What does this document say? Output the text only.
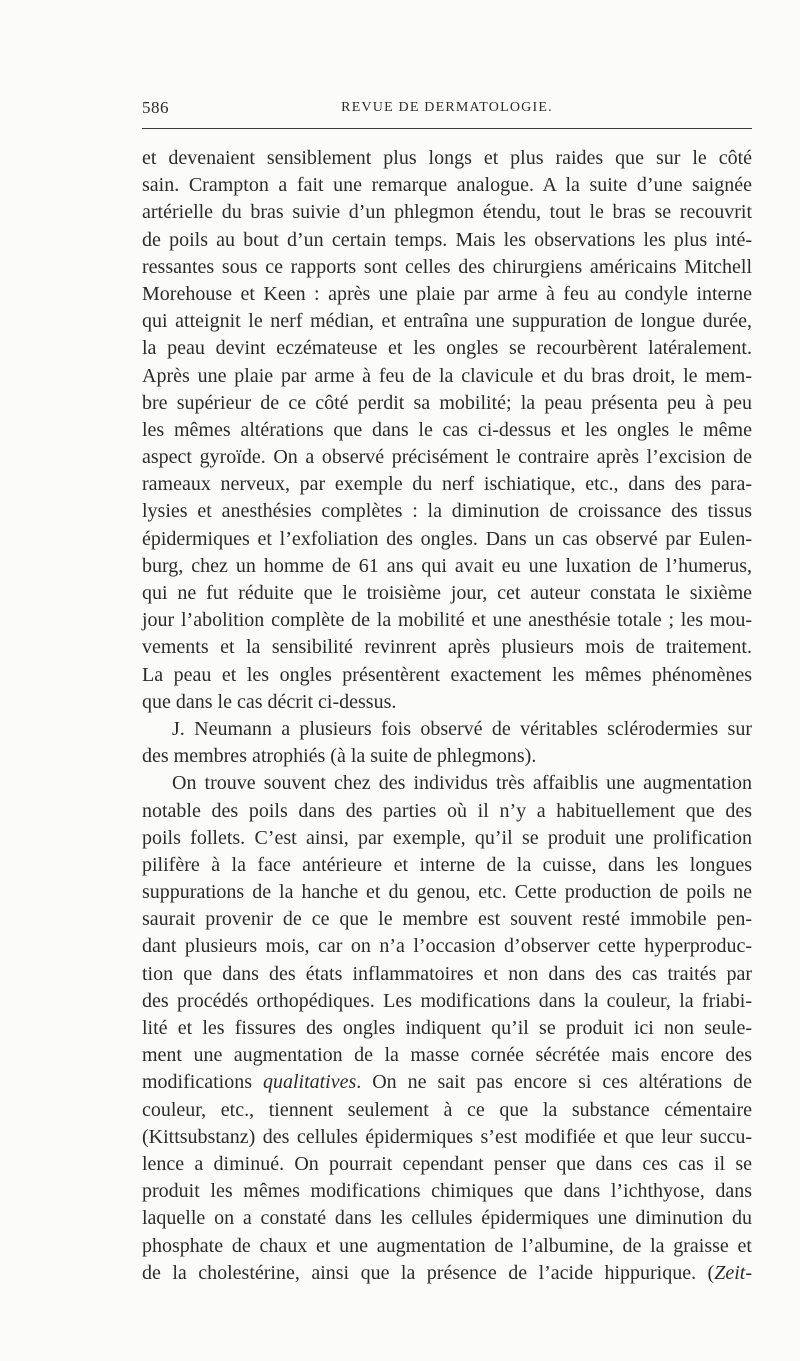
586	REVUE DE DERMATOLOGIE.
et devenaient sensiblement plus longs et plus raides que sur le côté
sain. Crampton a fait une remarque analogue. A la suite d’une saignée
artérielle du bras suivie d’un phlegmon étendu, tout le bras se recouvrit
de poils au bout d’un certain temps. Mais les observations les plus inté-
ressantes sous ce rapports sont celles des chirurgiens américains Mitchell
Morehouse et Keen : après une plaie par arme à feu au condyle interne
qui atteignit le nerf médian, et entraîna une suppuration de longue durée,
la peau devint eczémateuse et les ongles se recourbèrent latéralement.
Après une plaie par arme à feu de la clavicule et du bras droit, le mem-
bre supérieur de ce côté perdit sa mobilité; la peau présenta peu à peu
les mêmes altérations que dans le cas ci-dessus et les ongles le même
aspect gyroïde. On a observé précisément le contraire après l’excision de
rameaux nerveux, par exemple du nerf ischiatique, etc., dans des para-
lysies et anesthésies complètes : la diminution de croissance des tissus
épidermiques et l’exfoliation des ongles. Dans un cas observé par Eulen-
burg, chez un homme de 61 ans qui avait eu une luxation de l’humerus,
qui ne fut réduite que le troisième jour, cet auteur constata le sixième
jour l’abolition complète de la mobilité et une anesthésie totale ; les mou-
vements et la sensibilité revinrent après plusieurs mois de traitement.
La peau et les ongles présentèrent exactement les mêmes phénomènes
que dans le cas décrit ci-dessus.
J. Neumann a plusieurs fois observé de véritables sclérodermies sur
des membres atrophiés (à la suite de phlegmons).
On trouve souvent chez des individus très affaiblis une augmentation
notable des poils dans des parties où il n’y a habituellement que des
poils follets. C’est ainsi, par exemple, qu’il se produit une prolification
pilifère à la face antérieure et interne de la cuisse, dans les longues
suppurations de la hanche et du genou, etc. Cette production de poils ne
saurait provenir de ce que le membre est souvent resté immobile pen-
dant plusieurs mois, car on n’a l’occasion d’observer cette hyperproduc-
tion que dans des états inflammatoires et non dans des cas traités par
des procédés orthopédiques. Les modifications dans la couleur, la friabi-
lité et les fissures des ongles indiquent qu’il se produit ici non seule-
ment une augmentation de la masse cornée sécrétée mais encore des
modifications qualitatives. On ne sait pas encore si ces altérations de
couleur, etc., tiennent seulement à ce que la substance cémentaire
(Kittsubstanz) des cellules épidermiques s’est modifiée et que leur succu-
lence a diminué. On pourrait cependant penser que dans ces cas il se
produit les mêmes modifications chimiques que dans l’ichthyose, dans
laquelle on a constaté dans les cellules épidermiques une diminution du
phosphate de chaux et une augmentation de l’albumine, de la graisse et
de la cholestérine, ainsi que la présence de l’acide hippurique. (Zeit-
